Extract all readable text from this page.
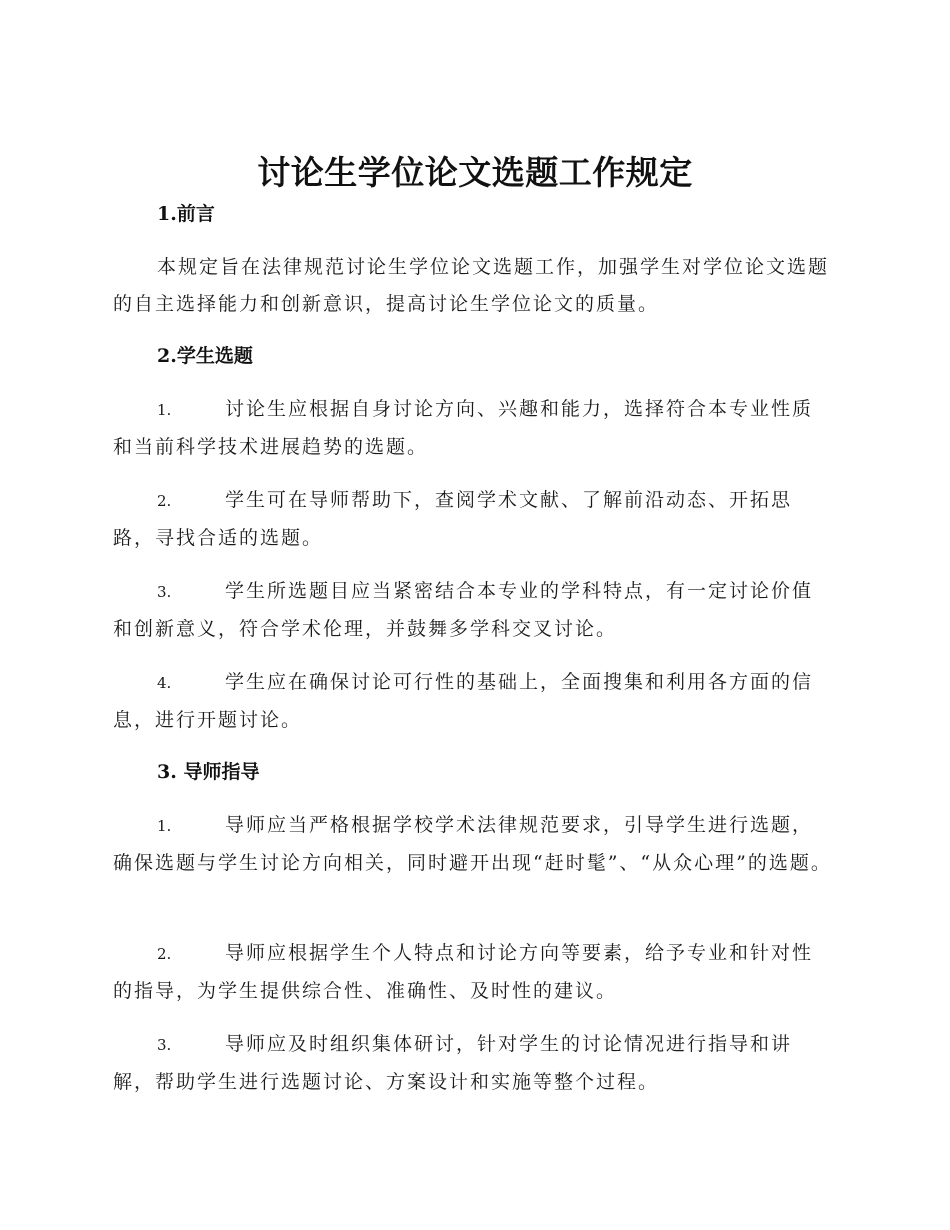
讨论生学位论文选题工作规定
1.前言

本规定旨在法律规范讨论生学位论文选题工作，加强学生对学位论文选题的自主选择能力和创新意识，提高讨论生学位论文的质量。

2.学生选题

1.	讨论生应根据自身讨论方向、兴趣和能力，选择符合本专业性质和当前科学技术进展趋势的选题。

2.	学生可在导师帮助下，查阅学术文献、了解前沿动态、开拓思路，寻找合适的选题。

3.	学生所选题目应当紧密结合本专业的学科特点，有一定讨论价值和创新意义，符合学术伦理，并鼓舞多学科交叉讨论。

4.	学生应在确保讨论可行性的基础上，全面搜集和利用各方面的信息，进行开题讨论。

3. 导师指导

1.	导师应当严格根据学校学术法律规范要求，引导学生进行选题，确保选题与学生讨论方向相关，同时避开出现“赶时髦”、“从众心理”的选题。

2.	导师应根据学生个人特点和讨论方向等要素，给予专业和针对性的指导，为学生提供综合性、准确性、及时性的建议。

3.	导师应及时组织集体研讨，针对学生的讨论情况进行指导和讲解，帮助学生进行选题讨论、方案设计和实施等整个过程。
